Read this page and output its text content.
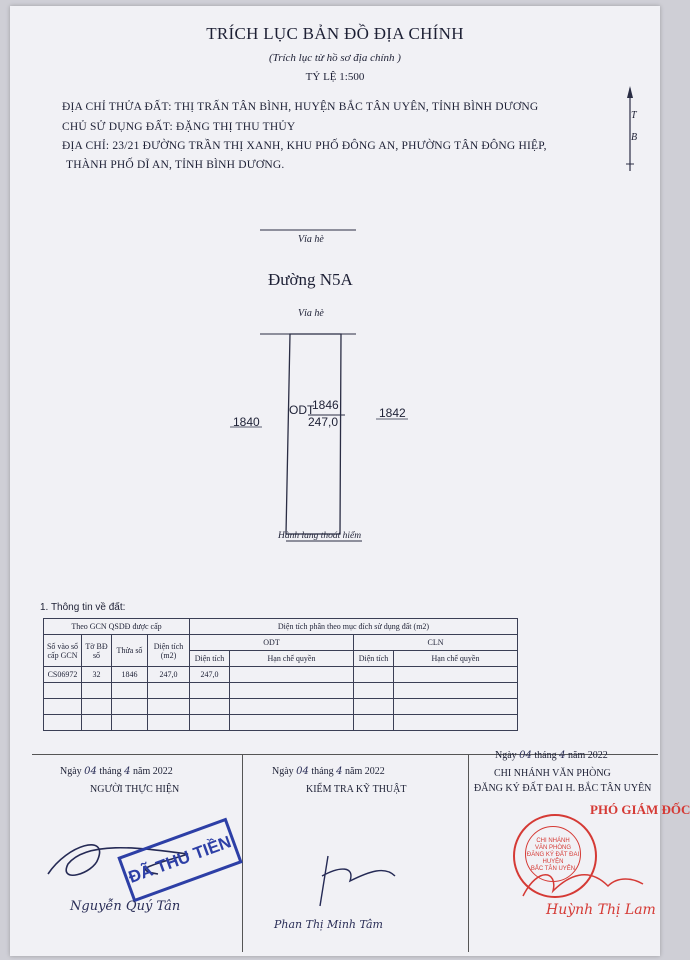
TRÍCH LỤC BẢN ĐỒ ĐỊA CHÍNH
(Trích lục từ hồ sơ địa chính )
TỶ LỆ 1:500
ĐỊA CHỈ THỬA ĐẤT: THỊ TRẤN TÂN BÌNH, HUYỆN BẮC TÂN UYÊN, TỈNH BÌNH DƯƠNG
CHỦ SỬ DỤNG ĐẤT: ĐẶNG THỊ THU THỦY
ĐỊA CHỈ: 23/21 ĐƯỜNG TRẦN THỊ XANH, KHU PHỐ ĐÔNG AN, PHƯỜNG TÂN ĐÔNG HIỆP,
THÀNH PHỐ DĨ AN, TỈNH BÌNH DƯƠNG.
T
B
Vỉa hè
Đường N5A
Vỉa hè
ODT
1846
247,0
1840
1842
Hành lang thoát hiểm
1. Thông tin về đất:
Theo GCN QSDĐ được cấp				Diện tích phân theo mục đích sử dụng đất (m2)			
Số vào sổ cấp GCN	Tờ BĐ số	Thửa số	Diện tích (m2)	ODT		CLN	
				Diện tích	Hạn chế quyền	Diện tích	Hạn chế quyền
CS06972	32	1846	247,0	247,0			

Ngày 04 tháng 4 năm 2022
NGƯỜI THỰC HIỆN
Ngày 04 tháng 4 năm 2022
KIỂM TRA KỸ THUẬT
Ngày 04 tháng 4 năm 2022
CHI NHÁNH VĂN PHÒNG
ĐĂNG KÝ ĐẤT ĐAI H. BẮC TÂN UYÊN
PHÓ GIÁM ĐỐC
ĐÃ THU TIỀN
Nguyễn Quý Tân
Phan Thị Minh Tâm
CHI NHÁNH
VĂN PHÒNG
ĐĂNG KÝ ĐẤT ĐAI
HUYỆN
BẮC TÂN UYÊN
Huỳnh Thị Lam
